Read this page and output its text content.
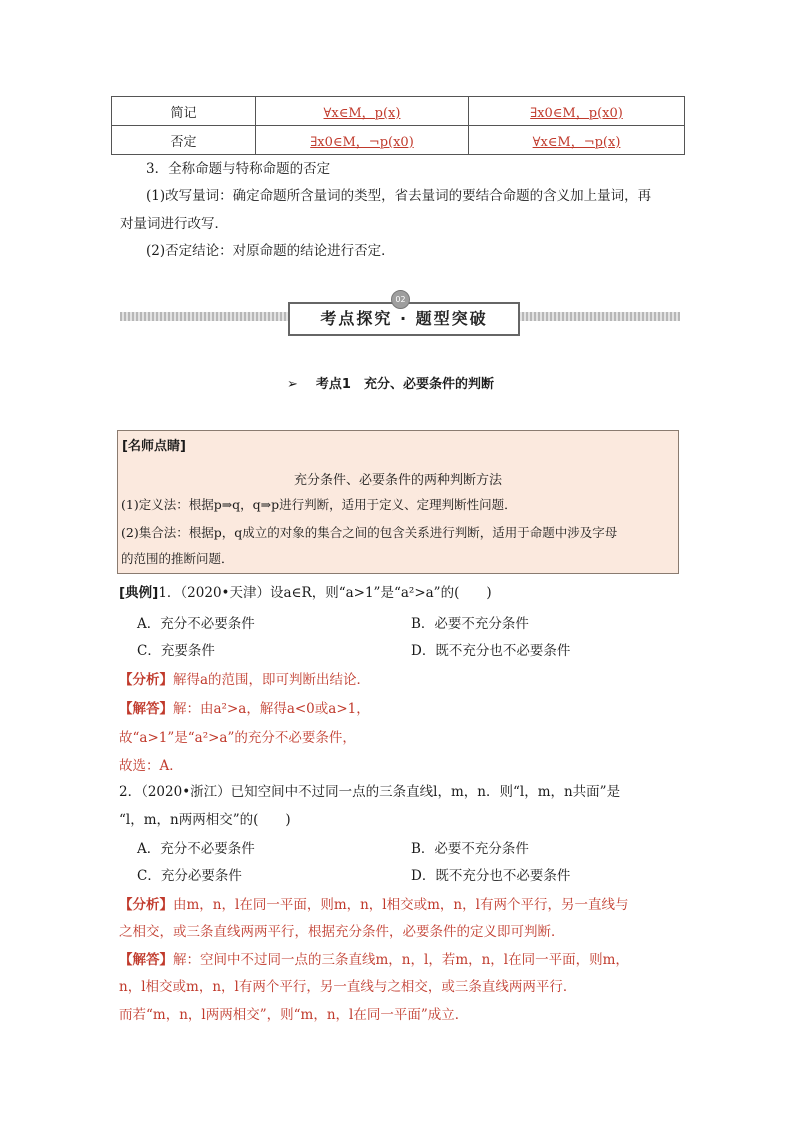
简记	∀x∈M，p(x)	∃x0∈M，p(x0)
否定	∃x0∈M，¬p(x0)	∀x∈M，¬p(x)
3．全称命题与特称命题的否定
(1)改写量词：确定命题所含量词的类型，省去量词的要结合命题的含义加上量词，再
对量词进行改写．
(2)否定结论：对原命题的结论进行否定．
考点探究 · 题型突破
02
➢ 考点1　充分、必要条件的判断
[名师点睛]
充分条件、必要条件的两种判断方法
(1)定义法：根据p⇒q，q⇒p进行判断，适用于定义、定理判断性问题．
(2)集合法：根据p，q成立的对象的集合之间的包含关系进行判断，适用于命题中涉及字母
的范围的推断问题．
[典例]1．（2020•天津）设a∈R，则“a>1”是“a²>a”的(　　)
A．充分不必要条件	B．必要不充分条件
C．充要条件	D．既不充分也不必要条件
【分析】解得a的范围，即可判断出结论．
【解答】解：由a²>a，解得a<0或a>1，
故“a>1”是“a²>a”的充分不必要条件，
故选：A．
2．（2020•浙江）已知空间中不过同一点的三条直线l，m，n．则“l，m，n共面”是
“l，m，n两两相交”的(　　)
A．充分不必要条件	B．必要不充分条件
C．充分必要条件	D．既不充分也不必要条件
【分析】由m，n，l在同一平面，则m，n，l相交或m，n，l有两个平行，另一直线与
之相交，或三条直线两两平行，根据充分条件，必要条件的定义即可判断．
【解答】解：空间中不过同一点的三条直线m，n，l，若m，n，l在同一平面，则m，
n，l相交或m，n，l有两个平行，另一直线与之相交，或三条直线两两平行．
而若“m，n，l两两相交”，则“m，n，l在同一平面”成立．
